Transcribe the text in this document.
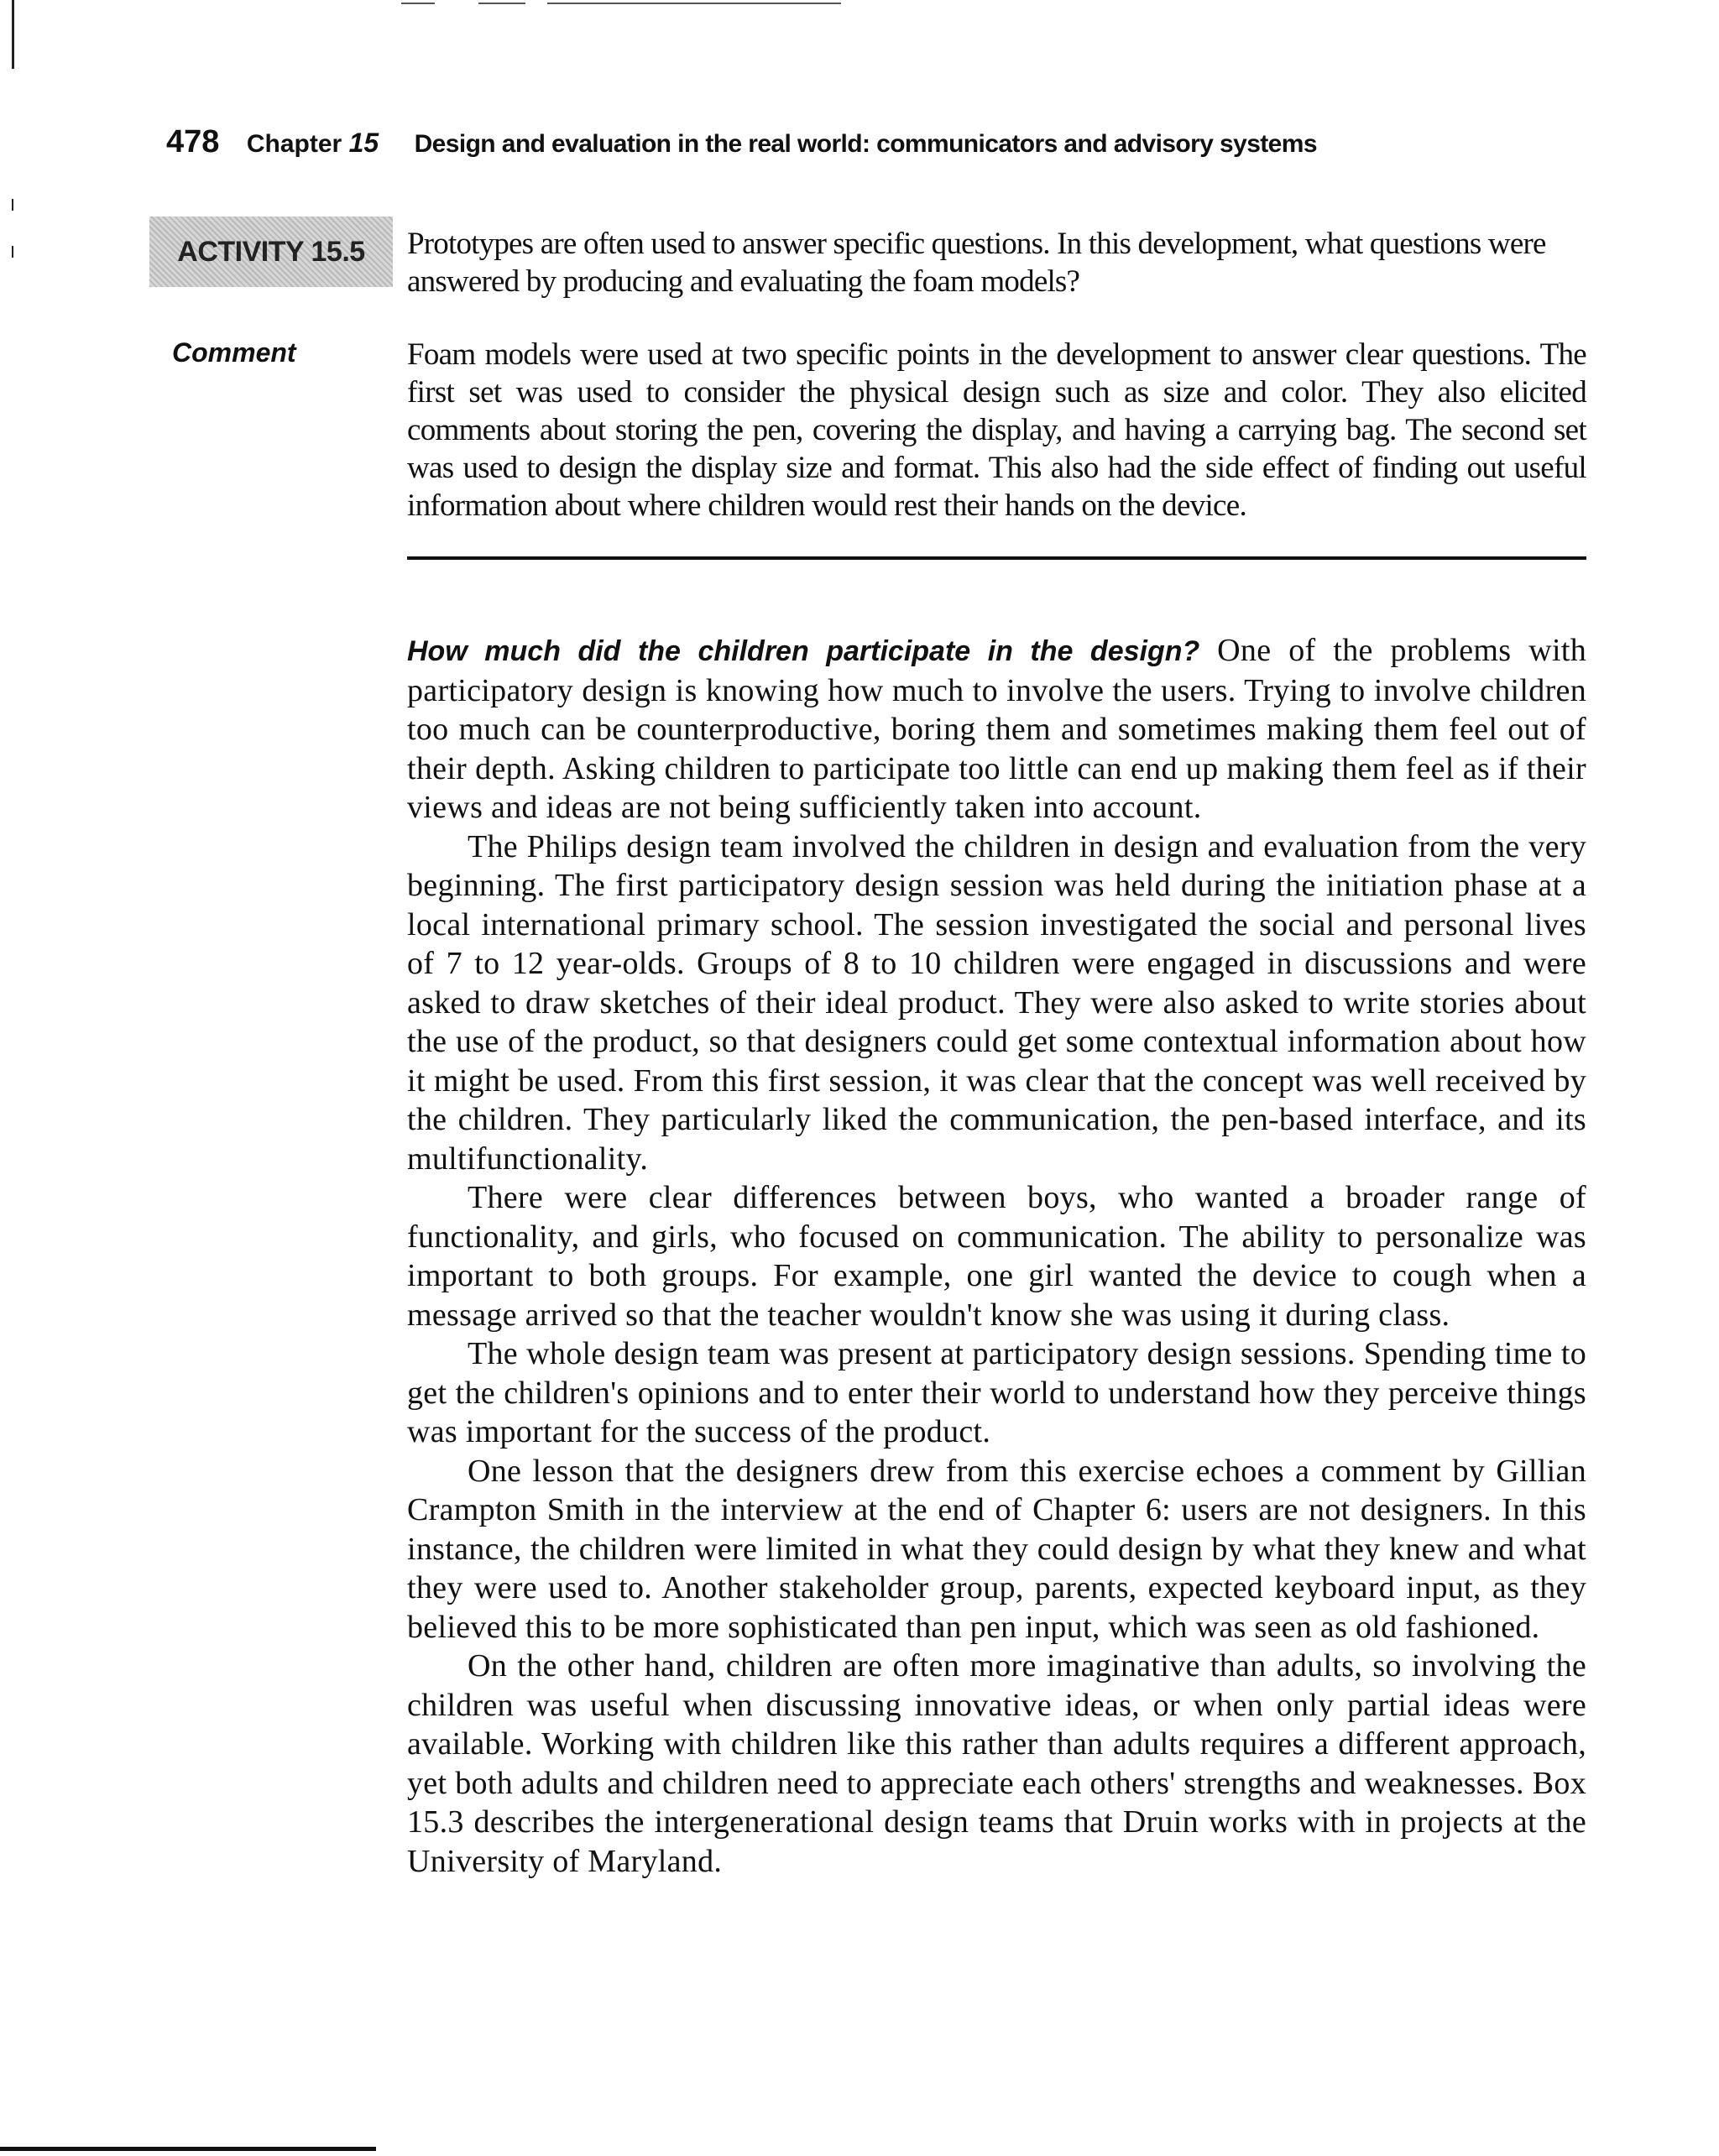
478 Chapter 15 Design and evaluation in the real world: communicators and advisory systems
ACTIVITY 15.5 Prototypes are often used to answer specific questions. In this development, what questions were answered by producing and evaluating the foam models?

Comment	Foam models were used at two specific points in the development to answer clear questions. The first set was used to consider the physical design such as size and color. They also elicited comments about storing the pen, covering the display, and having a carrying bag. The second set was used to design the display size and format. This also had the side effect of finding out useful information about where children would rest their hands on the device.

How much did the children participate in the design? One of the problems with participatory design is knowing how much to involve the users. Trying to involve children too much can be counterproductive, boring them and sometimes making them feel out of their depth. Asking children to participate too little can end up making them feel as if their views and ideas are not being sufficiently taken into account.

The Philips design team involved the children in design and evaluation from the very beginning. The first participatory design session was held during the initiation phase at a local international primary school. The session investigated the social and personal lives of 7 to 12 year-olds. Groups of 8 to 10 children were engaged in discussions and were asked to draw sketches of their ideal product. They were also asked to write stories about the use of the product, so that designers could get some contextual information about how it might be used. From this first session, it was clear that the concept was well received by the children. They particularly liked the communication, the pen-based interface, and its multifunctionality.

There were clear differences between boys, who wanted a broader range of functionality, and girls, who focused on communication. The ability to personalize was important to both groups. For example, one girl wanted the device to cough when a message arrived so that the teacher wouldn't know she was using it during class.

The whole design team was present at participatory design sessions. Spending time to get the children's opinions and to enter their world to understand how they perceive things was important for the success of the product.

One lesson that the designers drew from this exercise echoes a comment by Gillian Crampton Smith in the interview at the end of Chapter 6: users are not designers. In this instance, the children were limited in what they could design by what they knew and what they were used to. Another stakeholder group, parents, expected keyboard input, as they believed this to be more sophisticated than pen input, which was seen as old fashioned.

On the other hand, children are often more imaginative than adults, so involving the children was useful when discussing innovative ideas, or when only partial ideas were available. Working with children like this rather than adults requires a different approach, yet both adults and children need to appreciate each others' strengths and weaknesses. Box 15.3 describes the intergenerational design teams that Druin works with in projects at the University of Maryland.
